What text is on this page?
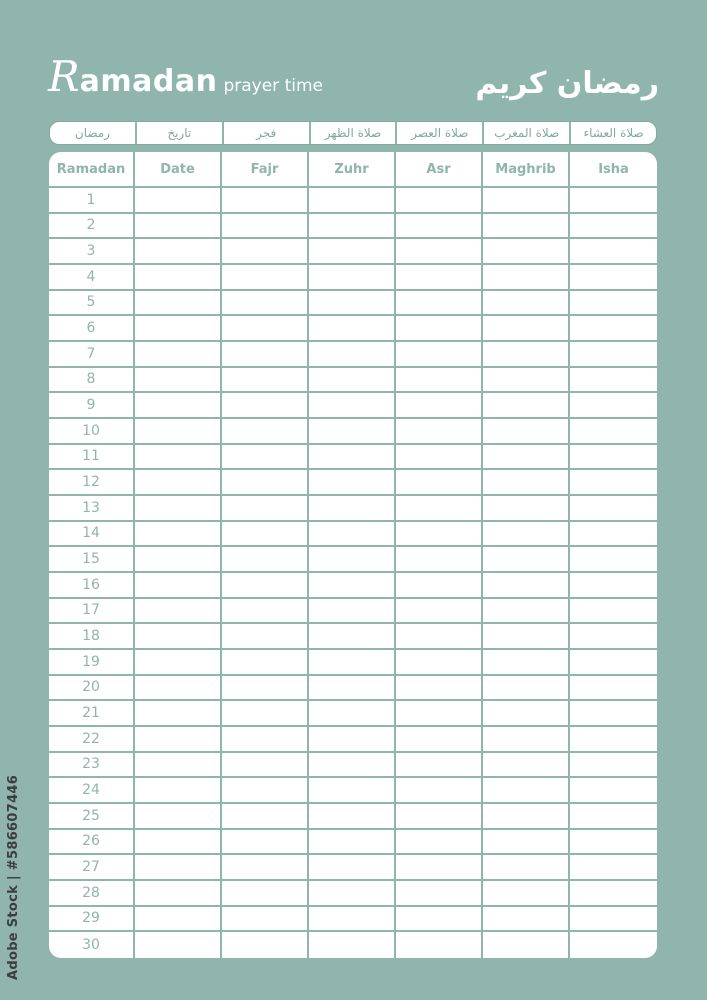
Ramadan prayer time	رمضان كريم
رمضان	تاريخ	فجر	صلاة الظهر	صلاة العصر	صلاة المغرب	صلاة العشاء
Ramadan	Date	Fajr	Zuhr	Asr	Maghrib	Isha
1
2
3
4
5
6
7
8
9
10
11
12
13
14
15
16
17
18
19
20
21
22
23
24
25
26
27
28
29
30
Adobe Stock | #586607446
